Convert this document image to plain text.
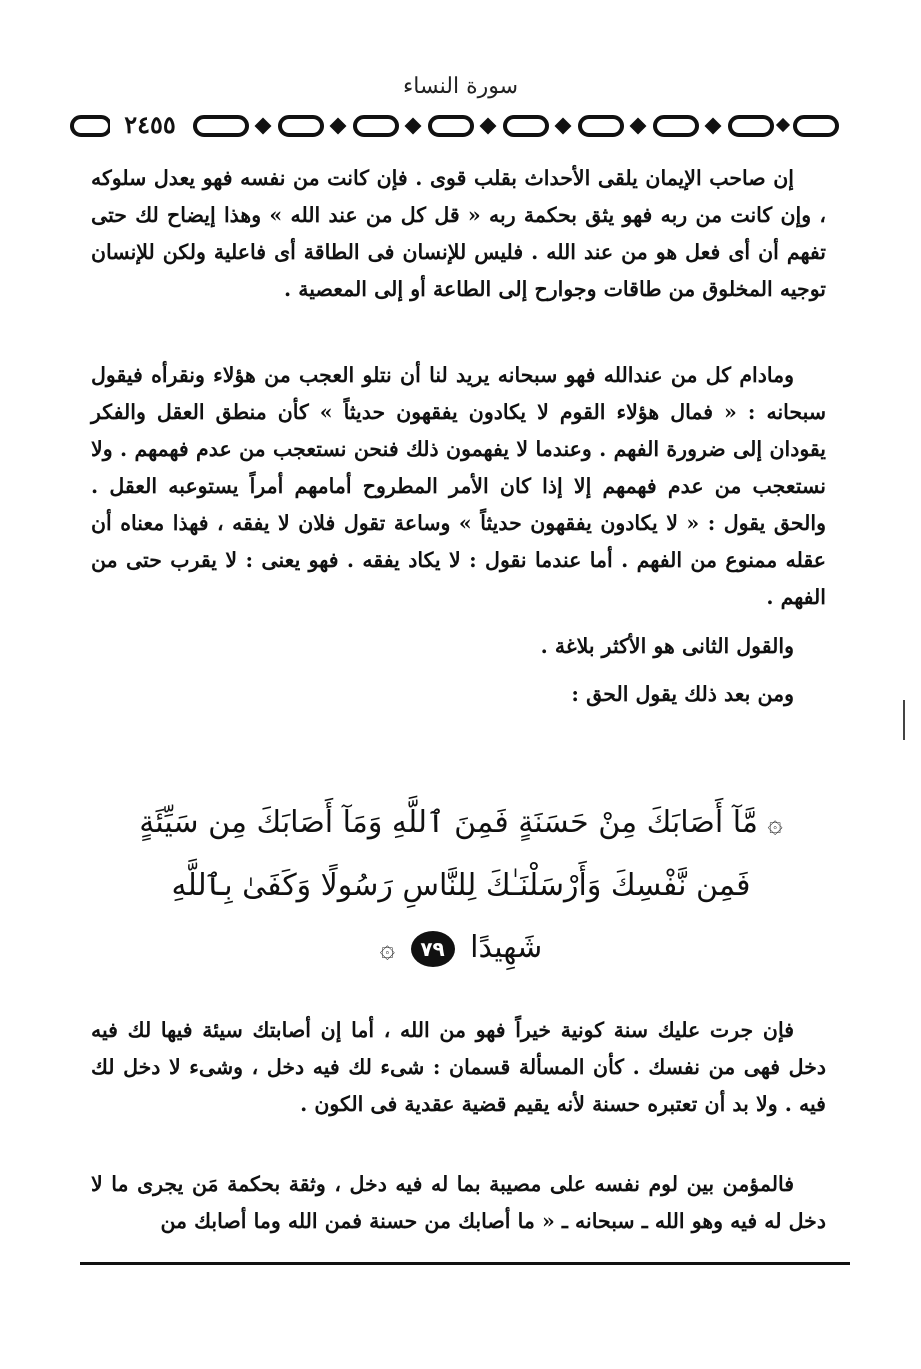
سورة النساء
٢٤٥٥

إن صاحب الإيمان يلقى الأحداث بقلب قوى . فإن كانت من نفسه فهو يعدل سلوكه ، وإن كانت من ربه فهو يثق بحكمة ربه « قل كل من عند الله » وهذا إيضاح لك حتى تفهم أن أى فعل هو من عند الله . فليس للإنسان فى الطاقة أى فاعلية ولكن للإنسان توجيه المخلوق من طاقات وجوارح إلى الطاعة أو إلى المعصية .

ومادام كل من عندالله فهو سبحانه يريد لنا أن نتلو العجب من هؤلاء ونقرأه فيقول سبحانه : « فمال هؤلاء القوم لا يكادون يفقهون حديثاً » كأن منطق العقل والفكر يقودان إلى ضرورة الفهم . وعندما لا يفهمون ذلك فنحن نستعجب من عدم فهمهم . ولا نستعجب من عدم فهمهم إلا إذا كان الأمر المطروح أمامهم أمراً يستوعبه العقل . والحق يقول : « لا يكادون يفقهون حديثاً » وساعة تقول فلان لا يفقه ، فهذا معناه أن عقله ممنوع من الفهم . أما عندما نقول : لا يكاد يفقه . فهو يعنى : لا يقرب حتى من الفهم .

والقول الثانى هو الأكثر بلاغة .

ومن بعد ذلك يقول الحق :

۞ مَّآ أَصَابَكَ مِنْ حَسَنَةٍ فَمِنَ ٱللَّهِ وَمَآ أَصَابَكَ مِن سَيِّئَةٍ
فَمِن نَّفْسِكَ وَأَرْسَلْنَـٰكَ لِلنَّاسِ رَسُولًا وَكَفَىٰ بِٱللَّهِ
شَهِيدًا ٧٩ ۞

فإن جرت عليك سنة كونية خيراً فهو من الله ، أما إن أصابتك سيئة فيها لك فيه دخل فهى من نفسك . كأن المسألة قسمان : شىء لك فيه دخل ، وشىء لا دخل لك فيه . ولا بد أن تعتبره حسنة لأنه يقيم قضية عقدية فى الكون .

فالمؤمن بين لوم نفسه على مصيبة بما له فيه دخل ، وثقة بحكمة مَن يجرى ما لا دخل له فيه وهو الله ـ سبحانه ـ « ما أصابك من حسنة فمن الله وما أصابك من
